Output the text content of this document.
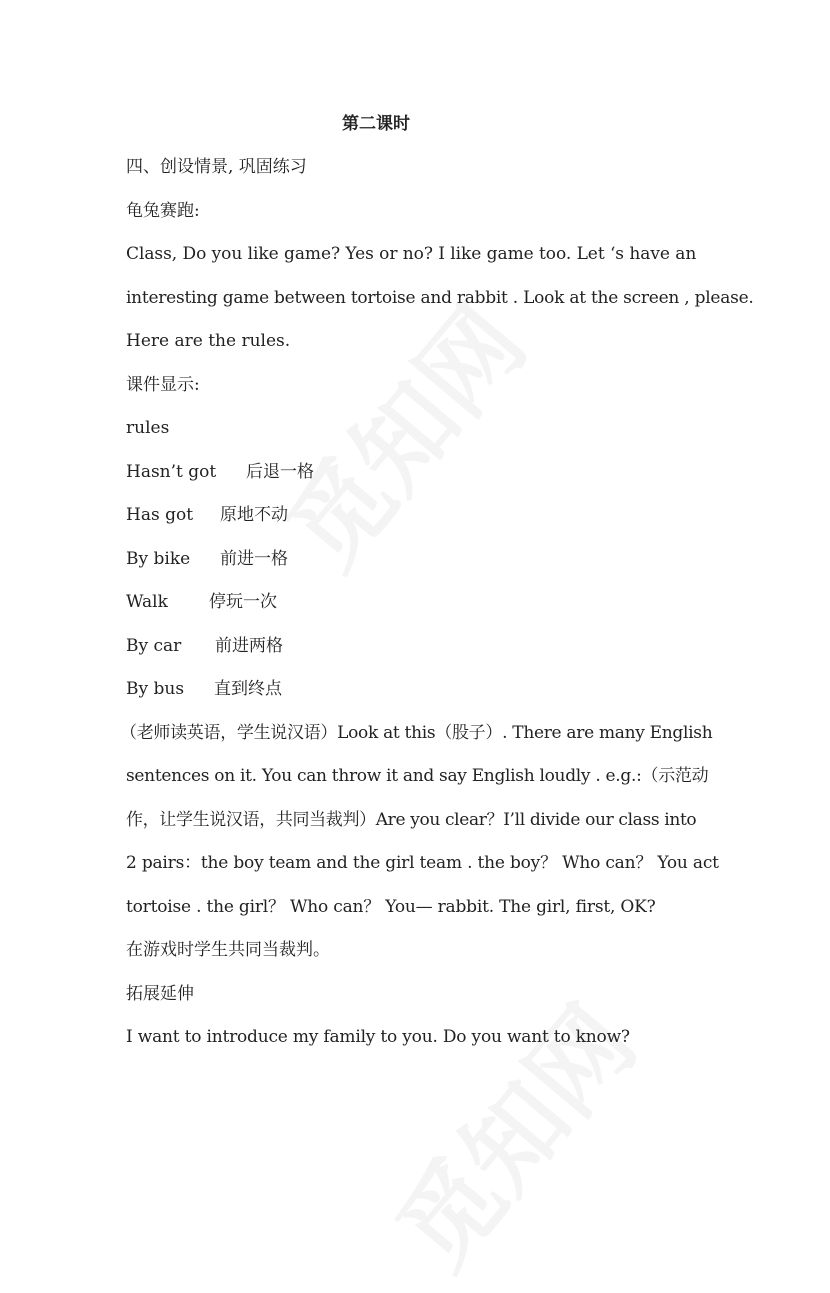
第二课时
四、创设情景, 巩固练习
龟兔赛跑:
Class, Do you like game? Yes or no? I like game too. Let ‘s have an
interesting game between tortoise and rabbit . Look at the screen , please.
Here are the rules.
课件显示:
rules
Hasn’t got 后退一格
Has got 原地不动
By bike 前进一格
Walk 停玩一次
By car 前进两格
By bus 直到终点
（老师读英语，学生说汉语）Look at this（股子）. There are many English
sentences on it. You can throw it and say English loudly . e.g.:（示范动
作，让学生说汉语，共同当裁判）Are you clear？I’ll divide our class into
2 pairs：the boy team and the girl team . the boy？ Who can？ You act
tortoise . the girl？ Who can？ You— rabbit. The girl, first, OK?
在游戏时学生共同当裁判。
拓展延伸
I want to introduce my family to you. Do you want to know?
